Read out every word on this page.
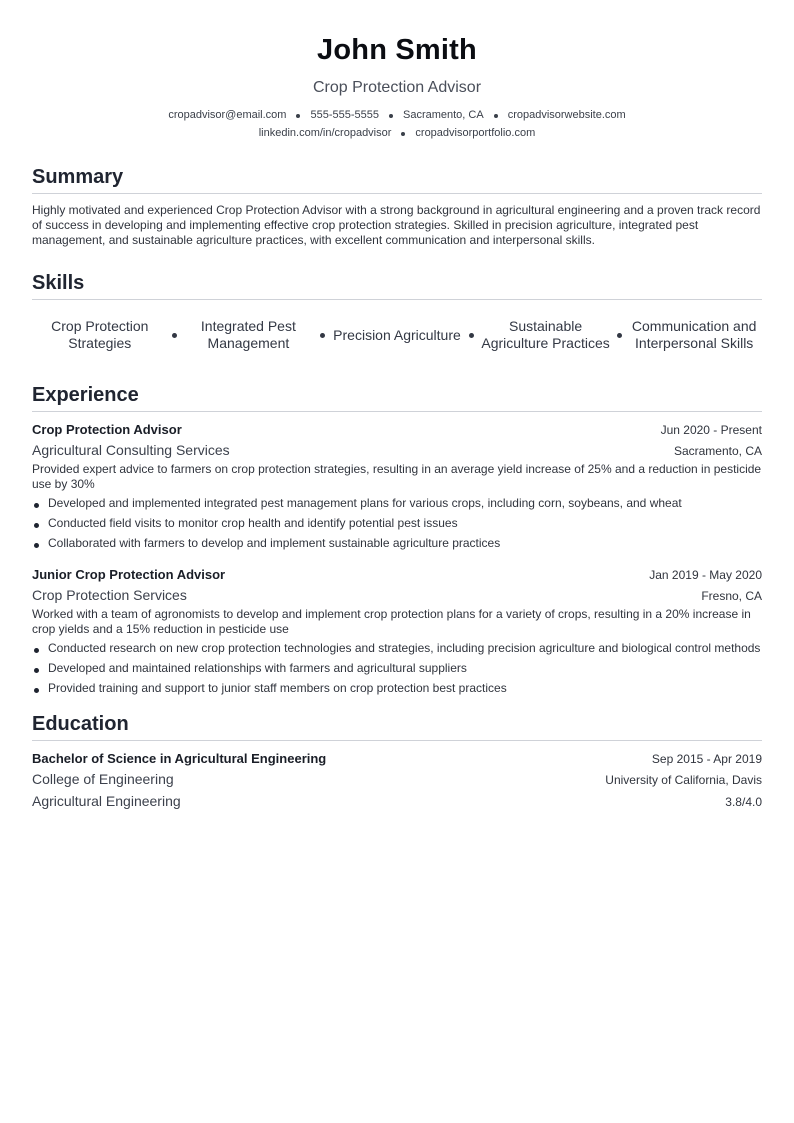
John Smith
Crop Protection Advisor
cropadvisor@email.com 555-555-5555 Sacramento, CA cropadvisorwebsite.com
linkedin.com/in/cropadvisor cropadvisorportfolio.com
Summary
Highly motivated and experienced Crop Protection Advisor with a strong background in agricultural engineering and a proven track record of success in developing and implementing effective crop protection strategies. Skilled in precision agriculture, integrated pest management, and sustainable agriculture practices, with excellent communication and interpersonal skills.
Skills
Crop Protection Strategies
Integrated Pest Management
Precision Agriculture
Sustainable Agriculture Practices
Communication and Interpersonal Skills
Experience
Crop Protection Advisor	Jun 2020 - Present
Agricultural Consulting Services	Sacramento, CA
Provided expert advice to farmers on crop protection strategies, resulting in an average yield increase of 25% and a reduction in pesticide use by 30%
Developed and implemented integrated pest management plans for various crops, including corn, soybeans, and wheat
Conducted field visits to monitor crop health and identify potential pest issues
Collaborated with farmers to develop and implement sustainable agriculture practices
Junior Crop Protection Advisor	Jan 2019 - May 2020
Crop Protection Services	Fresno, CA
Worked with a team of agronomists to develop and implement crop protection plans for a variety of crops, resulting in a 20% increase in crop yields and a 15% reduction in pesticide use
Conducted research on new crop protection technologies and strategies, including precision agriculture and biological control methods
Developed and maintained relationships with farmers and agricultural suppliers
Provided training and support to junior staff members on crop protection best practices
Education
Bachelor of Science in Agricultural Engineering	Sep 2015 - Apr 2019
College of Engineering	University of California, Davis
Agricultural Engineering	3.8/4.0
